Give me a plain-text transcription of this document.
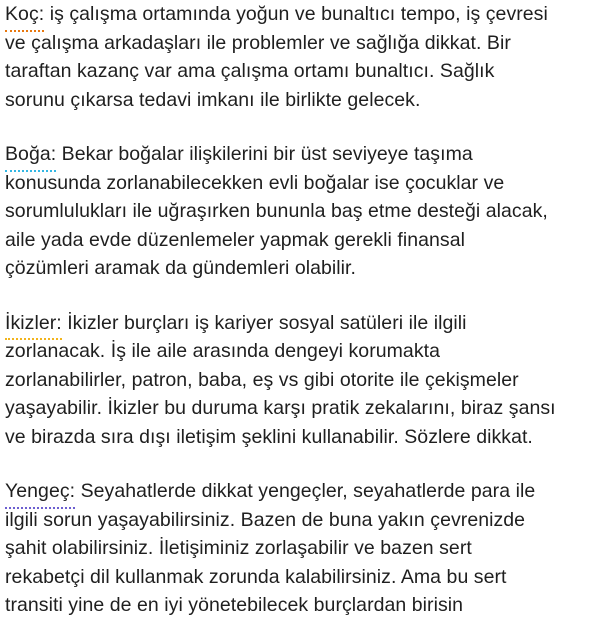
Koç: iş çalışma ortamında yoğun ve bunaltıcı tempo, iş çevresi
ve çalışma arkadaşları ile problemler ve sağlığa dikkat. Bir
taraftan kazanç var ama çalışma ortamı bunaltıcı. Sağlık
sorunu çıkarsa tedavi imkanı ile birlikte gelecek.

Boğa: Bekar boğalar ilişkilerini bir üst seviyeye taşıma
konusunda zorlanabilecekken evli boğalar ise çocuklar ve
sorumlulukları ile uğraşırken bununla baş etme desteği alacak,
aile yada evde düzenlemeler yapmak gerekli finansal
çözümleri aramak da gündemleri olabilir.

İkizler: İkizler burçları iş kariyer sosyal satüleri ile ilgili
zorlanacak. İş ile aile arasında dengeyi korumakta
zorlanabilirler, patron, baba, eş vs gibi otorite ile çekişmeler
yaşayabilir. İkizler bu duruma karşı pratik zekalarını, biraz şansı
ve birazda sıra dışı iletişim şeklini kullanabilir. Sözlere dikkat.

Yengeç: Seyahatlerde dikkat yengeçler, seyahatlerde para ile
ilgili sorun yaşayabilirsiniz. Bazen de buna yakın çevrenizde
şahit olabilirsiniz. İletişiminiz zorlaşabilir ve bazen sert
rekabetçi dil kullanmak zorunda kalabilirsiniz. Ama bu sert
transiti yine de en iyi yönetebilecek burçlardan birisin
